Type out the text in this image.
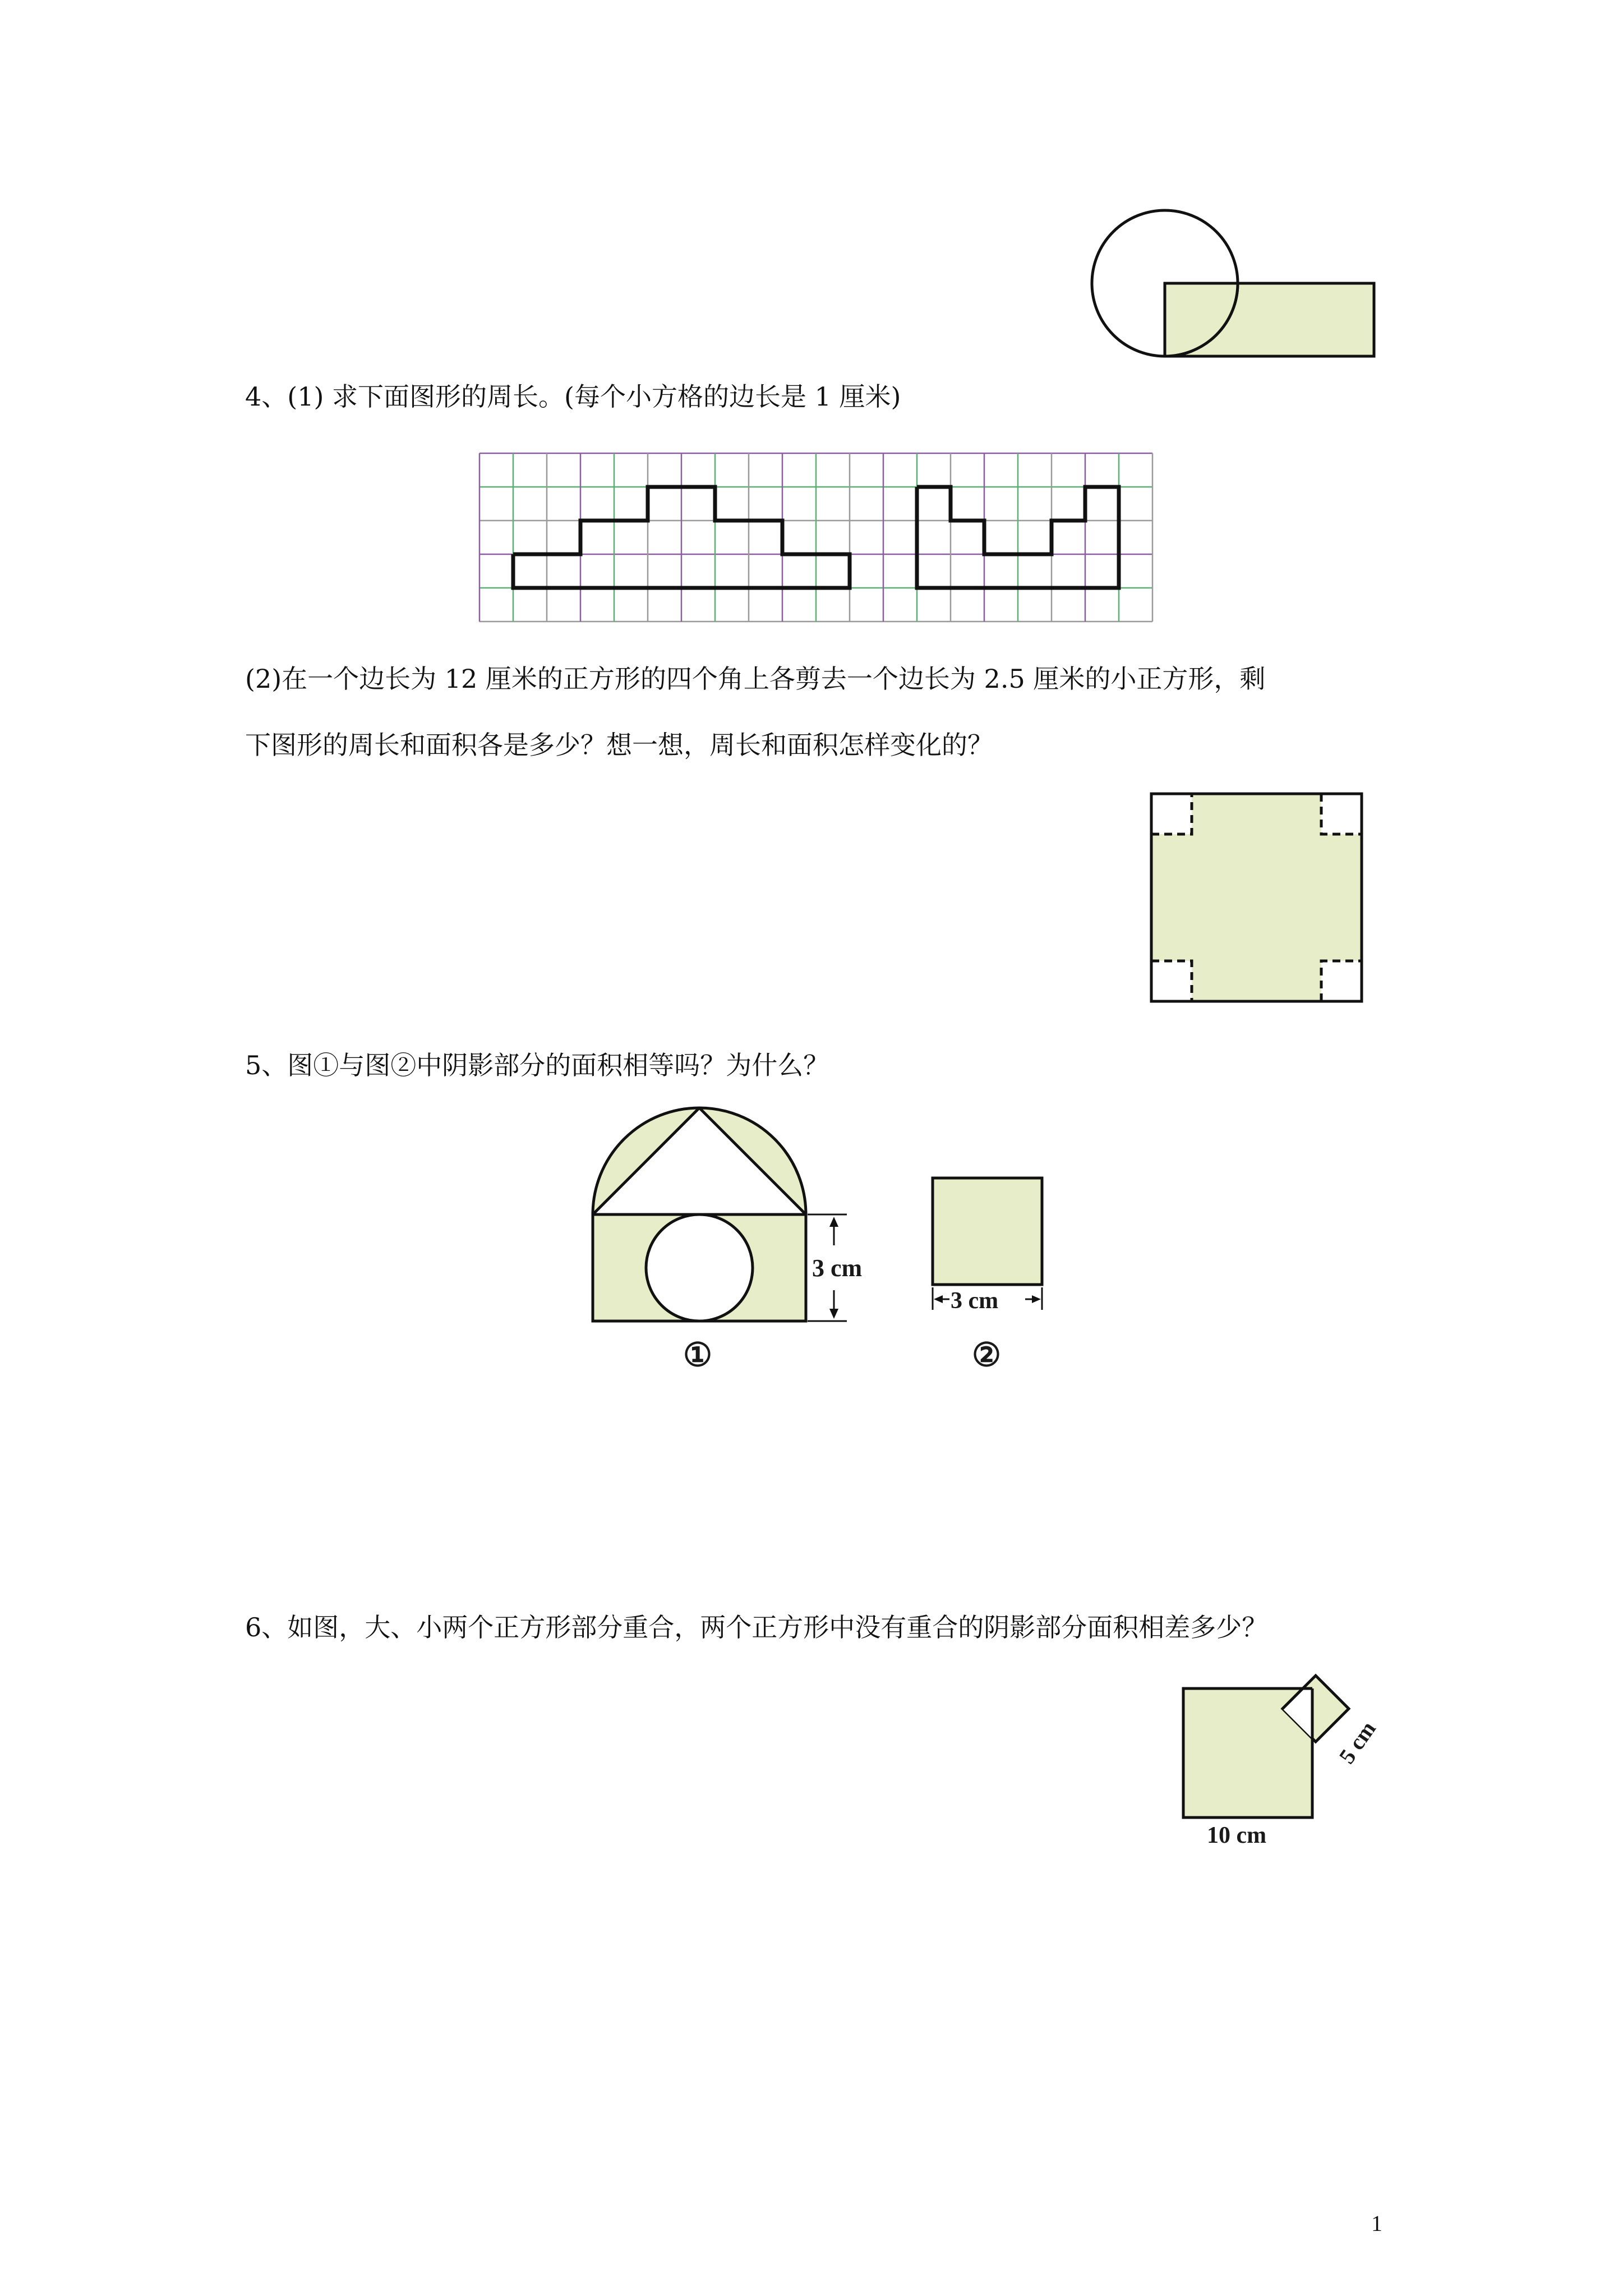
4、(1) 求下面图形的周长。(每个小方格的边长是 1 厘米)
(2)在一个边长为 12 厘米的正方形的四个角上各剪去一个边长为 2.5 厘米的小正方形，剩
下图形的周长和面积各是多少？想一想，周长和面积怎样变化的？
5、图①与图②中阴影部分的面积相等吗？为什么？
3 cm
①
3 cm
②
6、如图，大、小两个正方形部分重合，两个正方形中没有重合的阴影部分面积相差多少？
5 cm
10 cm
1
